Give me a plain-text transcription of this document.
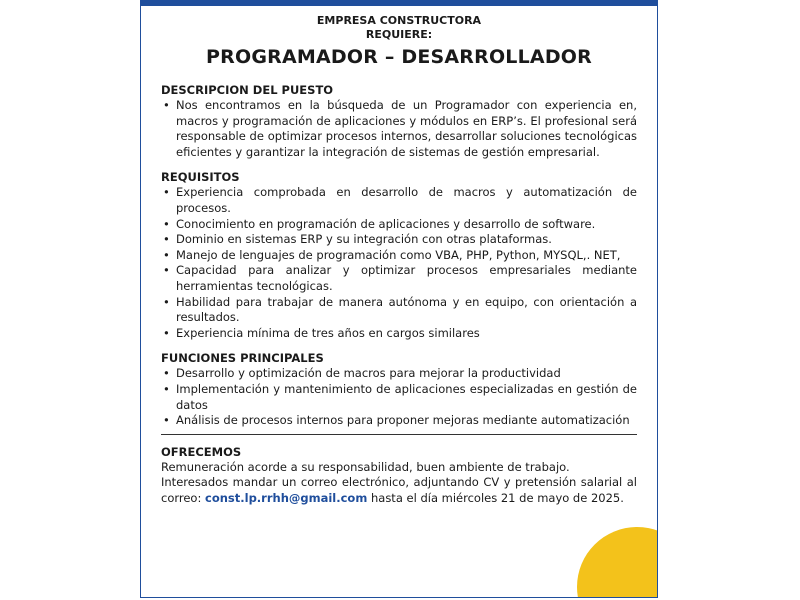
EMPRESA CONSTRUCTORA
REQUIERE:
PROGRAMADOR – DESARROLLADOR
DESCRIPCION DEL PUESTO
• Nos encontramos en la búsqueda de un Programador con experiencia en, macros y programación de aplicaciones y módulos en ERP’s. El profesional será responsable de optimizar procesos internos, desarrollar soluciones tecnológicas eficientes y garantizar la integración de sistemas de gestión empresarial.
REQUISITOS
• Experiencia comprobada en desarrollo de macros y automatización de procesos.
• Conocimiento en programación de aplicaciones y desarrollo de software.
• Dominio en sistemas ERP y su integración con otras plataformas.
• Manejo de lenguajes de programación como VBA, PHP, Python, MYSQL,. NET,
• Capacidad para analizar y optimizar procesos empresariales mediante herramientas tecnológicas.
• Habilidad para trabajar de manera autónoma y en equipo, con orientación a resultados.
• Experiencia mínima de tres años en cargos similares
FUNCIONES PRINCIPALES
• Desarrollo y optimización de macros para mejorar la productividad
• Implementación y mantenimiento de aplicaciones especializadas en gestión de datos
• Análisis de procesos internos para proponer mejoras mediante automatización
OFRECEMOS
Remuneración acorde a su responsabilidad, buen ambiente de trabajo.
Interesados mandar un correo electrónico, adjuntando CV y pretensión salarial al correo: const.lp.rrhh@gmail.com hasta el día miércoles 21 de mayo de 2025.
